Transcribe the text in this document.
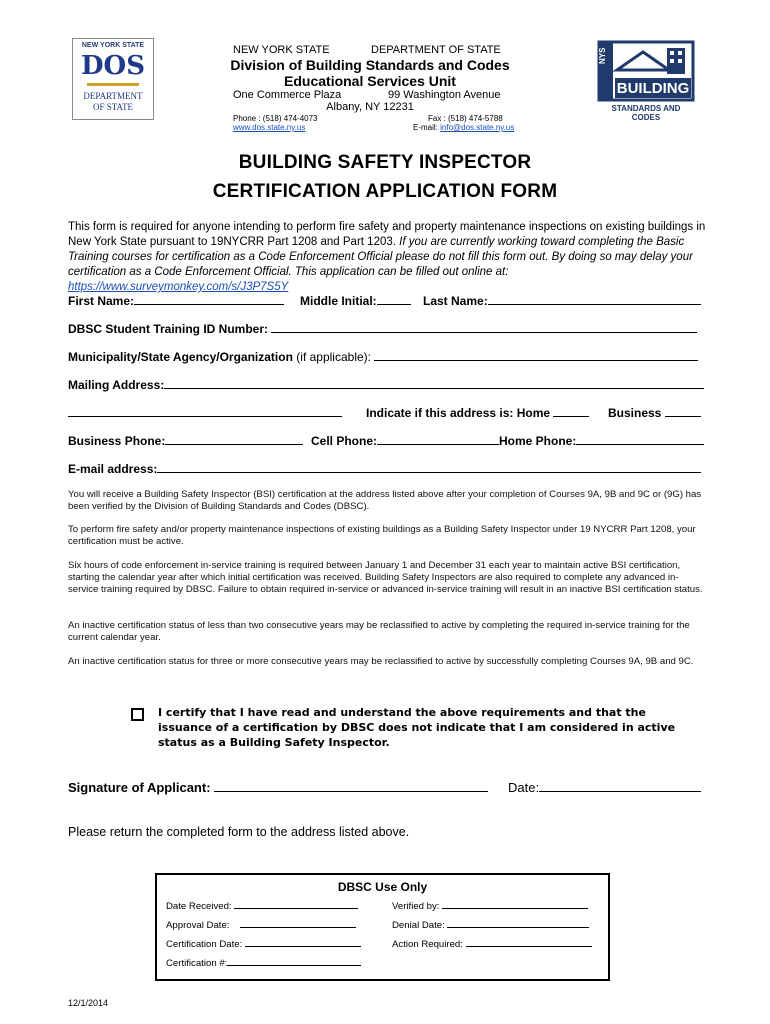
NEW YORK STATE
DOS
DEPARTMENT
OF STATE
NEW YORK STATE	DEPARTMENT OF STATE
Division of Building Standards and Codes
Educational Services Unit
One Commerce Plaza	99 Washington Avenue
Albany, NY 12231
Phone : (518) 474-4073	Fax : (518) 474-5788
www.dos.state.ny.us	E-mail: info@dos.state.ny.us
NYS
BUILDING
STANDARDS AND CODES
BUILDING SAFETY INSPECTOR
CERTIFICATION APPLICATION FORM
This form is required for anyone intending to perform fire safety and property maintenance inspections on existing buildings in New York State pursuant to 19NYCRR Part 1208 and Part 1203. If you are currently working toward completing the Basic Training courses for certification as a Code Enforcement Official please do not fill this form out. By doing so may delay your certification as a Code Enforcement Official. This application can be filled out online at: https://www.surveymonkey.com/s/J3P7S5Y
First Name:	Middle Initial:	Last Name:
DBSC Student Training ID Number:
Municipality/State Agency/Organization (if applicable):
Mailing Address:
Indicate if this address is: Home	Business
Business Phone:	Cell Phone:	Home Phone:
E-mail address:
You will receive a Building Safety Inspector (BSI) certification at the address listed above after your completion of Courses 9A, 9B and 9C or (9G) has been verified by the Division of Building Standards and Codes (DBSC).
To perform fire safety and/or property maintenance inspections of existing buildings as a Building Safety Inspector under 19 NYCRR Part 1208, your certification must be active.
Six hours of code enforcement in-service training is required between January 1 and December 31 each year to maintain active BSI certification, starting the calendar year after which initial certification was received. Building Safety Inspectors are also required to complete any advanced in-service training required by DBSC. Failure to obtain required in-service or advanced in-service training will result in an inactive BSI certification status.
An inactive certification status of less than two consecutive years may be reclassified to active by completing the required in-service training for the current calendar year.
An inactive certification status for three or more consecutive years may be reclassified to active by successfully completing Courses 9A, 9B and 9C.
I certify that I have read and understand the above requirements and that the issuance of a certification by DBSC does not indicate that I am considered in active status as a Building Safety Inspector.
Signature of Applicant:	Date:
Please return the completed form to the address listed above.
DBSC Use Only
Date Received:	Verified by:
Approval Date:	Denial Date:
Certification Date:	Action Required:
Certification #:
12/1/2014
